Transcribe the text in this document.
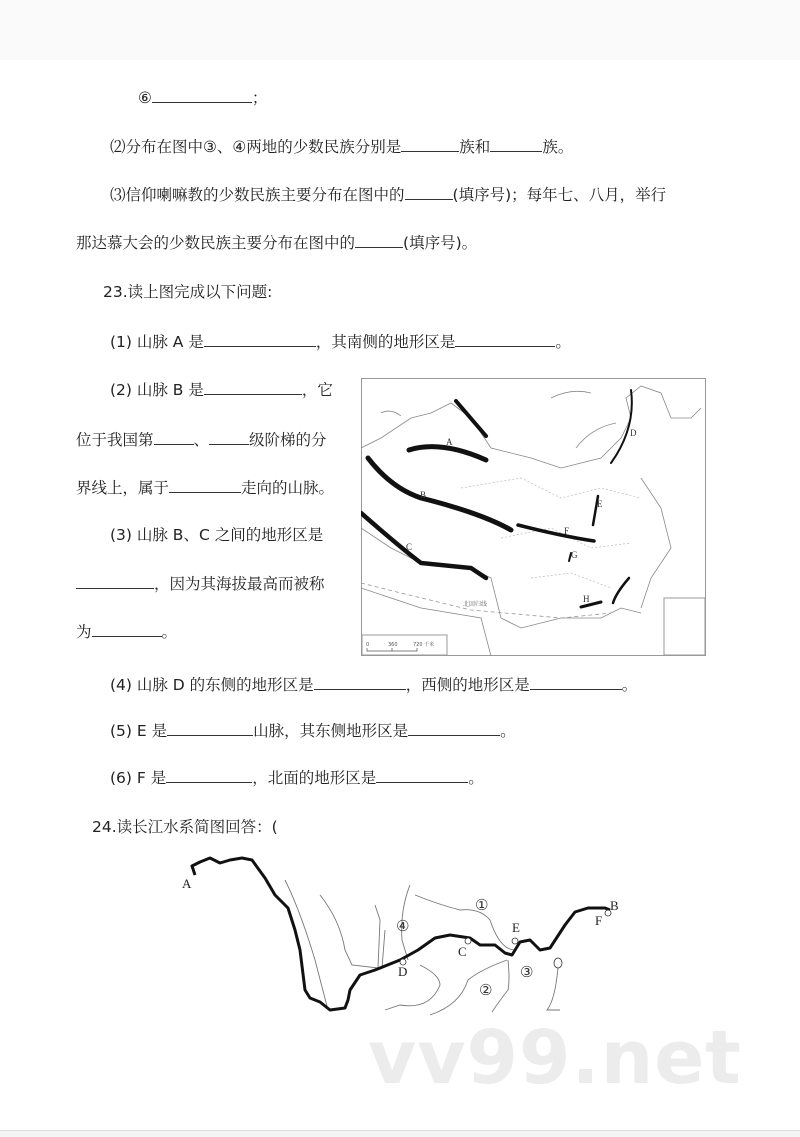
⑥	；
⑵分布在图中③、④两地的少数民族分别是	族和	族。
⑶信仰喇嘛教的少数民族主要分布在图中的	(填序号)；每年七、八月，举行
那达慕大会的少数民族主要分布在图中的	(填序号)。
23.读上图完成以下问题:
(1) 山脉 A 是	，其南侧的地形区是	。
(2) 山脉 B 是	，它
位于我国第	、	级阶梯的分
界线上，属于	走向的山脉。
(3) 山脉 B、C 之间的地形区是
，因为其海拔最高而被称
为	。
(4) 山脉 D 的东侧的地形区是	，西侧的地形区是	。
(5) E 是	山脉，其东侧地形区是	。
(6) F 是	，北面的地形区是	。
24.读长江水系简图回答：(
北回归线
A
B
C
D
E
F
G
H
0	360	720 千米
A
B
C
D
E	F
①
②
③
④
vv99.net
